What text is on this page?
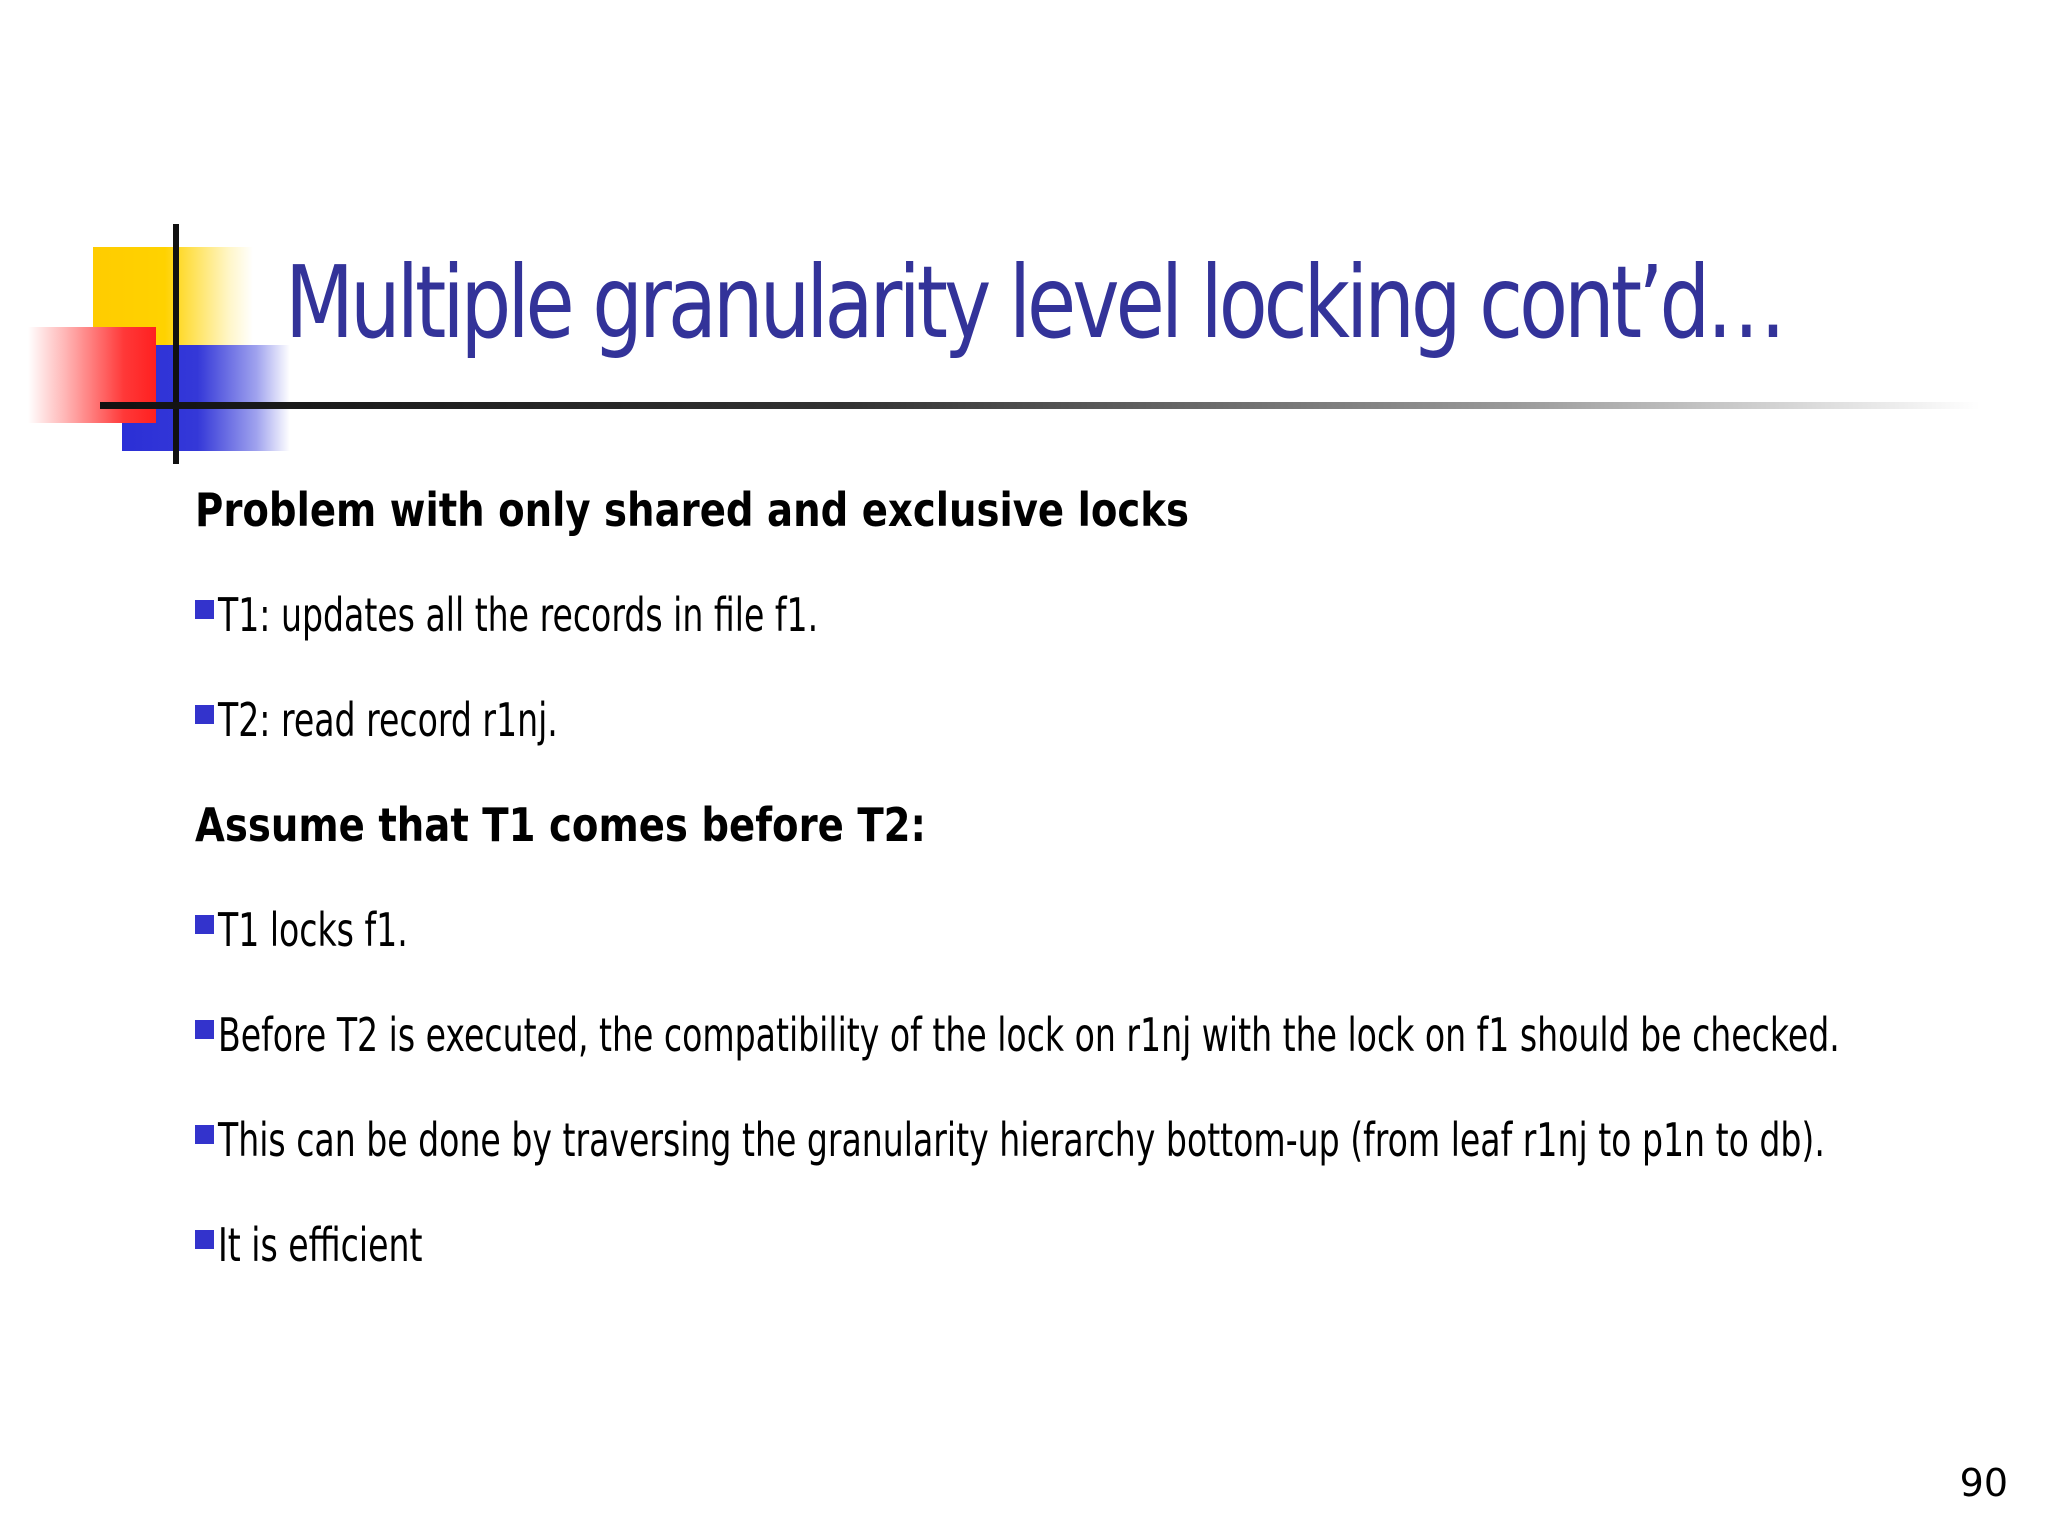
Multiple granularity level locking cont’d…
Problem with only shared and exclusive locks
T1: updates all the records in file f1.
T2: read record r1nj.
Assume that T1 comes before T2:
T1 locks f1.
Before T2 is executed, the compatibility of the lock on r1nj with the lock on f1 should be checked.
This can be done by traversing the granularity hierarchy bottom-up (from leaf r1nj to p1n to db).
It is efficient
90
